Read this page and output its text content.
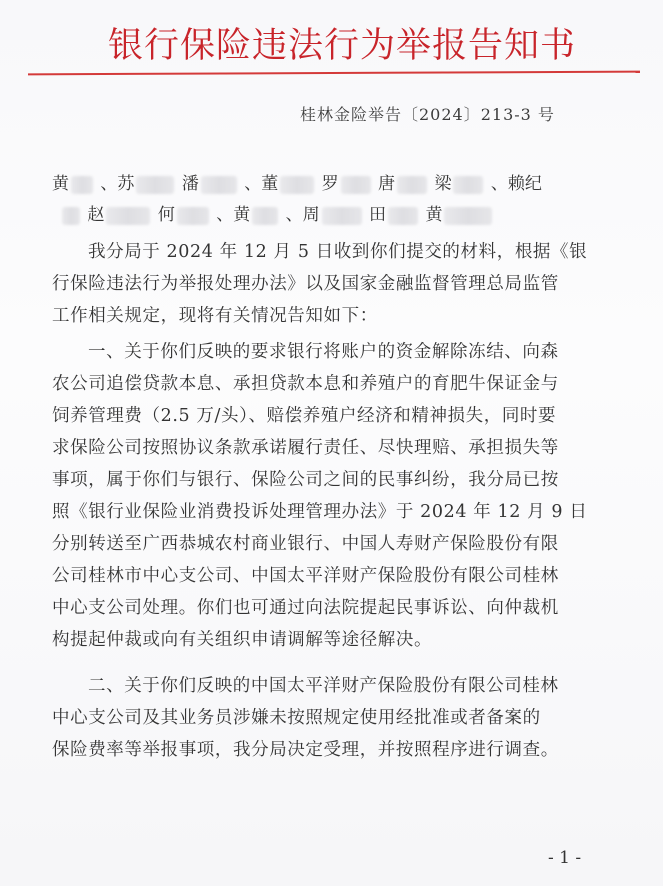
银行保险违法行为举报告知书
桂林金险举告〔2024〕213-3 号
黄 、苏	潘	、董	罗 唐 梁 、赖纪
赵	何 、黄 、周	田 黄
我分局于 2024 年 12 月 5 日收到你们提交的材料，根据《银
行保险违法行为举报处理办法》以及国家金融监督管理总局监管
工作相关规定，现将有关情况告知如下：
一、关于你们反映的要求银行将账户的资金解除冻结、向森
农公司追偿贷款本息、承担贷款本息和养殖户的育肥牛保证金与
饲养管理费（2.5 万/头）、赔偿养殖户经济和精神损失，同时要
求保险公司按照协议条款承诺履行责任、尽快理赔、承担损失等
事项，属于你们与银行、保险公司之间的民事纠纷，我分局已按
照《银行业保险业消费投诉处理管理办法》于 2024 年 12 月 9 日
分别转送至广西恭城农村商业银行、中国人寿财产保险股份有限
公司桂林市中心支公司、中国太平洋财产保险股份有限公司桂林
中心支公司处理。你们也可通过向法院提起民事诉讼、向仲裁机
构提起仲裁或向有关组织申请调解等途径解决。
二、关于你们反映的中国太平洋财产保险股份有限公司桂林
中心支公司及其业务员涉嫌未按照规定使用经批准或者备案的
保险费率等举报事项，我分局决定受理，并按照程序进行调查。
- 1 -
